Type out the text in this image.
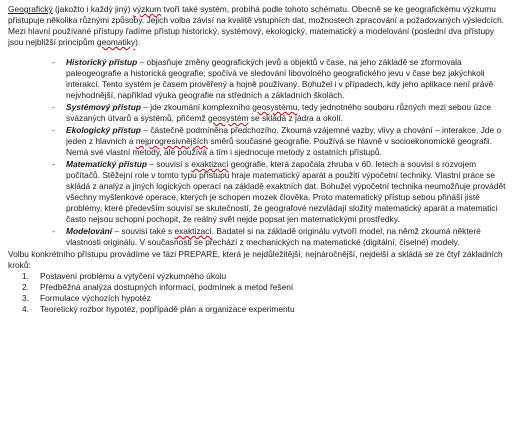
Geografický (jakožto i každý jiný) výzkum tvoří také systém, probíhá podle tohoto schématu. Obecně se ke geografickému výzkumu přistupuje několika různými způsoby. Jejich volba závisí na kvalitě vstupních dat, možnostech zpracování a požadovaných výsledcích. Mezi hlavní používané přístupy řadíme přístup historický, systémový, ekologický, matematický a modelování (poslední dva přístupy jsou nejbližší principům geomatiky).

- Historický přístup – objasňuje změny geografických jevů a objektů v čase, na jeho základě se zformovala paleogeografie a historická geografie; spočívá ve sledování libovolného geografického jevu v čase bez jakýchkoli interakcí. Tento systém je časem prověřený a hojně používaný. Bohužel i v případech, kdy jeho aplikace není právě nejvhodnější, například výuka geografie na středních a základních školách.
- Systémový přístup – jde zkoumání komplexního geosystému, tedy jednotného souboru různých mezi sebou úzce svázaných útvarů a systémů, přičemž geosystém se skládá z jádra a okolí.
- Ekologický přístup – částečně podmíněna předchozího. Zkoumá vzájemné vazby, vlivy a chování – interakce. Jde o jeden z hlavních a nejprogresivnějších směrů současné geografie. Používá se hlavně v socioekonomické geografii. Nemá své vlastní metody, ale používá a tím i sjednocuje metody z ostatních přístupů.
- Matematický přístup – souvisí s exaktizací geografie, která započala zhruba v 60. letech a souvisí s rozvojem počítačů. Stěžejní role v tomto typu přístupu hraje matematický aparát a použití výpočetní techniky. Vlastní práce se skládá z analýz a jiných logických operací na základě exaktních dat. Bohužel výpočetní technika neumožňuje provádět všechny myšlenkové operace, kterých je schopen mozek člověka. Proto matematický přístup sebou přináší jisté problémy, které především souvisí se skutečností, že geografové nezvládají složitý matematický aparát a matematici často nejsou schopni pochopit, že reálný svět nejde popsat jen matematickými prostředky.
- Modelování – souvisí také s exaktizací. Badatel si na základě originálu vytvoří model, na němž zkoumá některé vlastnosti originálu. V současnosti se přechází z mechanických na matematické (digitální, číselné) modely.

Volbu konkrétního přístupu provádíme ve fázi PREPARE, která je nejdůležitější, nejnáročnější, nejdelší a skládá se ze čtyř základních kroků:

1. Postavení problému a vytyčení výzkumného úkolu
2. Předběžná analýza dostupných informací, podmínek a metod řešení
3. Formulace výchozích hypotéz
4. Teoretický rozbor hypotéz, popřípadě plán a organizace experimentu
